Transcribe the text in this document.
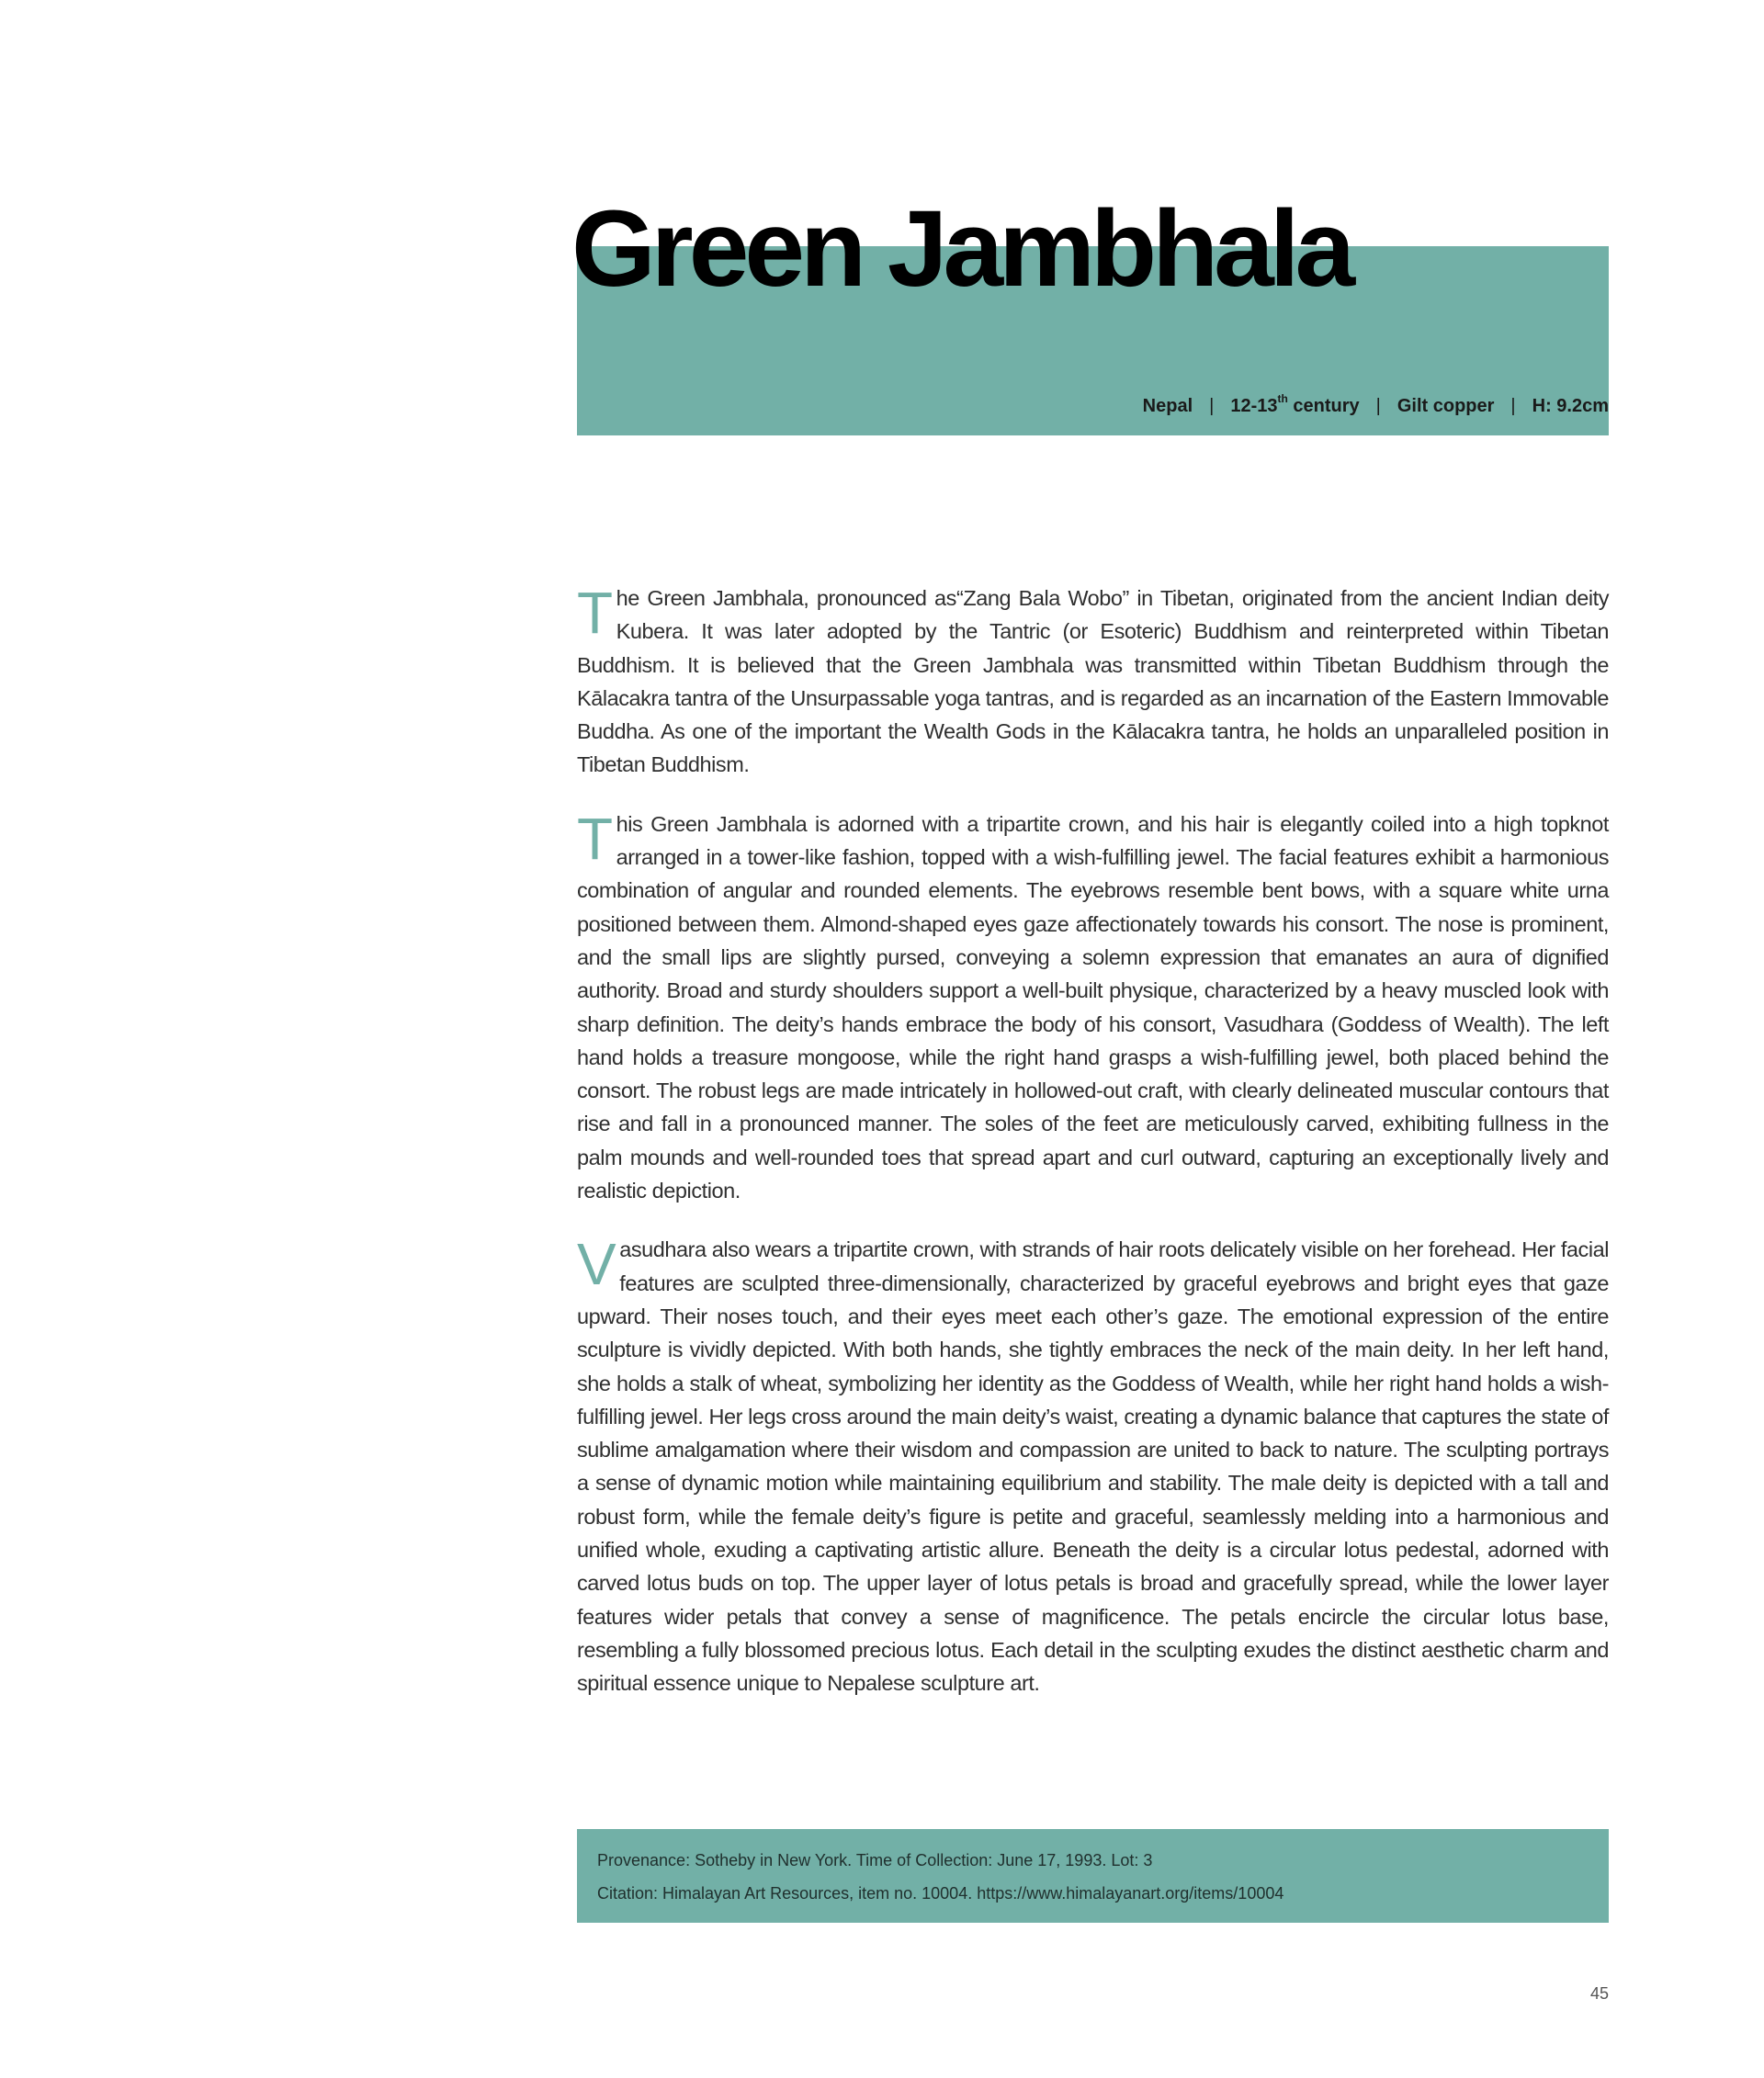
Green Jambhala
Nepal | 12-13th century | Gilt copper | H: 9.2cm

The Green Jambhala, pronounced as“Zang Bala Wobo” in Tibetan, originated from the ancient Indian deity Kubera. It was later adopted by the Tantric (or Esoteric) Buddhism and reinterpreted within Tibetan Buddhism. It is believed that the Green Jambhala was transmitted within Tibetan Buddhism through the Kālacakra tantra of the Unsurpassable yoga tantras, and is regarded as an incarnation of the Eastern Immovable Buddha. As one of the important the Wealth Gods in the Kālacakra tantra, he holds an unparalleled position in Tibetan Buddhism.

This Green Jambhala is adorned with a tripartite crown, and his hair is elegantly coiled into a high topknot arranged in a tower-like fashion, topped with a wish-fulfilling jewel. The facial features exhibit a harmonious combination of angular and rounded elements. The eyebrows resemble bent bows, with a square white urna positioned between them. Almond-shaped eyes gaze affectionately towards his consort. The nose is prominent, and the small lips are slightly pursed, conveying a solemn expression that emanates an aura of dignified authority. Broad and sturdy shoulders support a well-built physique, characterized by a heavy muscled look with sharp definition. The deity’s hands embrace the body of his consort, Vasudhara (Goddess of Wealth). The left hand holds a treasure mongoose, while the right hand grasps a wish-fulfilling jewel, both placed behind the consort. The robust legs are made intricately in hollowed-out craft, with clearly delineated muscular contours that rise and fall in a pronounced manner. The soles of the feet are meticulously carved, exhibiting fullness in the palm mounds and well-rounded toes that spread apart and curl outward, capturing an exceptionally lively and realistic depiction.

Vasudhara also wears a tripartite crown, with strands of hair roots delicately visible on her forehead. Her facial features are sculpted three-dimensionally, characterized by graceful eyebrows and bright eyes that gaze upward. Their noses touch, and their eyes meet each other’s gaze. The emotional expression of the entire sculpture is vividly depicted. With both hands, she tightly embraces the neck of the main deity. In her left hand, she holds a stalk of wheat, symbolizing her identity as the Goddess of Wealth, while her right hand holds a wish-fulfilling jewel. Her legs cross around the main deity’s waist, creating a dynamic balance that captures the state of sublime amalgamation where their wisdom and compassion are united to back to nature. The sculpting portrays a sense of dynamic motion while maintaining equilibrium and stability. The male deity is depicted with a tall and robust form, while the female deity’s figure is petite and graceful, seamlessly melding into a harmonious and unified whole, exuding a captivating artistic allure. Beneath the deity is a circular lotus pedestal, adorned with carved lotus buds on top. The upper layer of lotus petals is broad and gracefully spread, while the lower layer features wider petals that convey a sense of magnificence. The petals encircle the circular lotus base, resembling a fully blossomed precious lotus. Each detail in the sculpting exudes the distinct aesthetic charm and spiritual essence unique to Nepalese sculpture art.

Provenance: Sotheby in New York. Time of Collection: June 17, 1993. Lot: 3
Citation: Himalayan Art Resources, item no. 10004. https://www.himalayanart.org/items/10004
45
